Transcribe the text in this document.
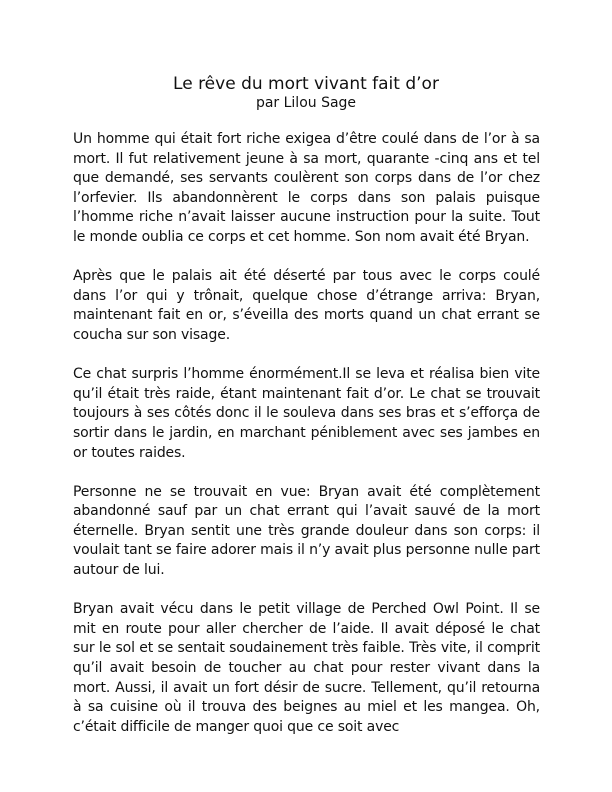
Le rêve du mort vivant fait d’or
par Lilou Sage

Un homme qui était fort riche exigea d’être coulé dans de l’or à sa mort. Il fut relativement jeune à sa mort, quarante -cinq ans et tel que demandé, ses servants coulèrent son corps dans de l’or chez l’orfevier. Ils abandonnèrent le corps dans son palais puisque l’homme riche n’avait laisser aucune instruction pour la suite. Tout le monde oublia ce corps et cet homme. Son nom avait été Bryan.

Après que le palais ait été déserté par tous avec le corps coulé dans l’or qui y trônait, quelque chose d’étrange arriva: Bryan, maintenant fait en or, s’éveilla des morts quand un chat errant se coucha sur son visage.

Ce chat surpris l’homme énormément.Il se leva et réalisa bien vite qu’il était très raide, étant maintenant fait d’or. Le chat se trouvait toujours à ses côtés donc il le souleva dans ses bras et s’efforça de sortir dans le jardin, en marchant péniblement avec ses jambes en or toutes raides.

Personne ne se trouvait en vue: Bryan avait été complètement abandonné sauf par un chat errant qui l’avait sauvé de la mort éternelle. Bryan sentit une très grande douleur dans son corps: il voulait tant se faire adorer mais il n’y avait plus personne nulle part autour de lui.

Bryan avait vécu dans le petit village de Perched Owl Point. Il se mit en route pour aller chercher de l’aide. Il avait déposé le chat sur le sol et se sentait soudainement très faible. Très vite, il comprit qu’il avait besoin de toucher au chat pour rester vivant dans la mort. Aussi, il avait un fort désir de sucre. Tellement, qu’il retourna à sa cuisine où il trouva des beignes au miel et les mangea. Oh, c’était difficile de manger quoi que ce soit avec
